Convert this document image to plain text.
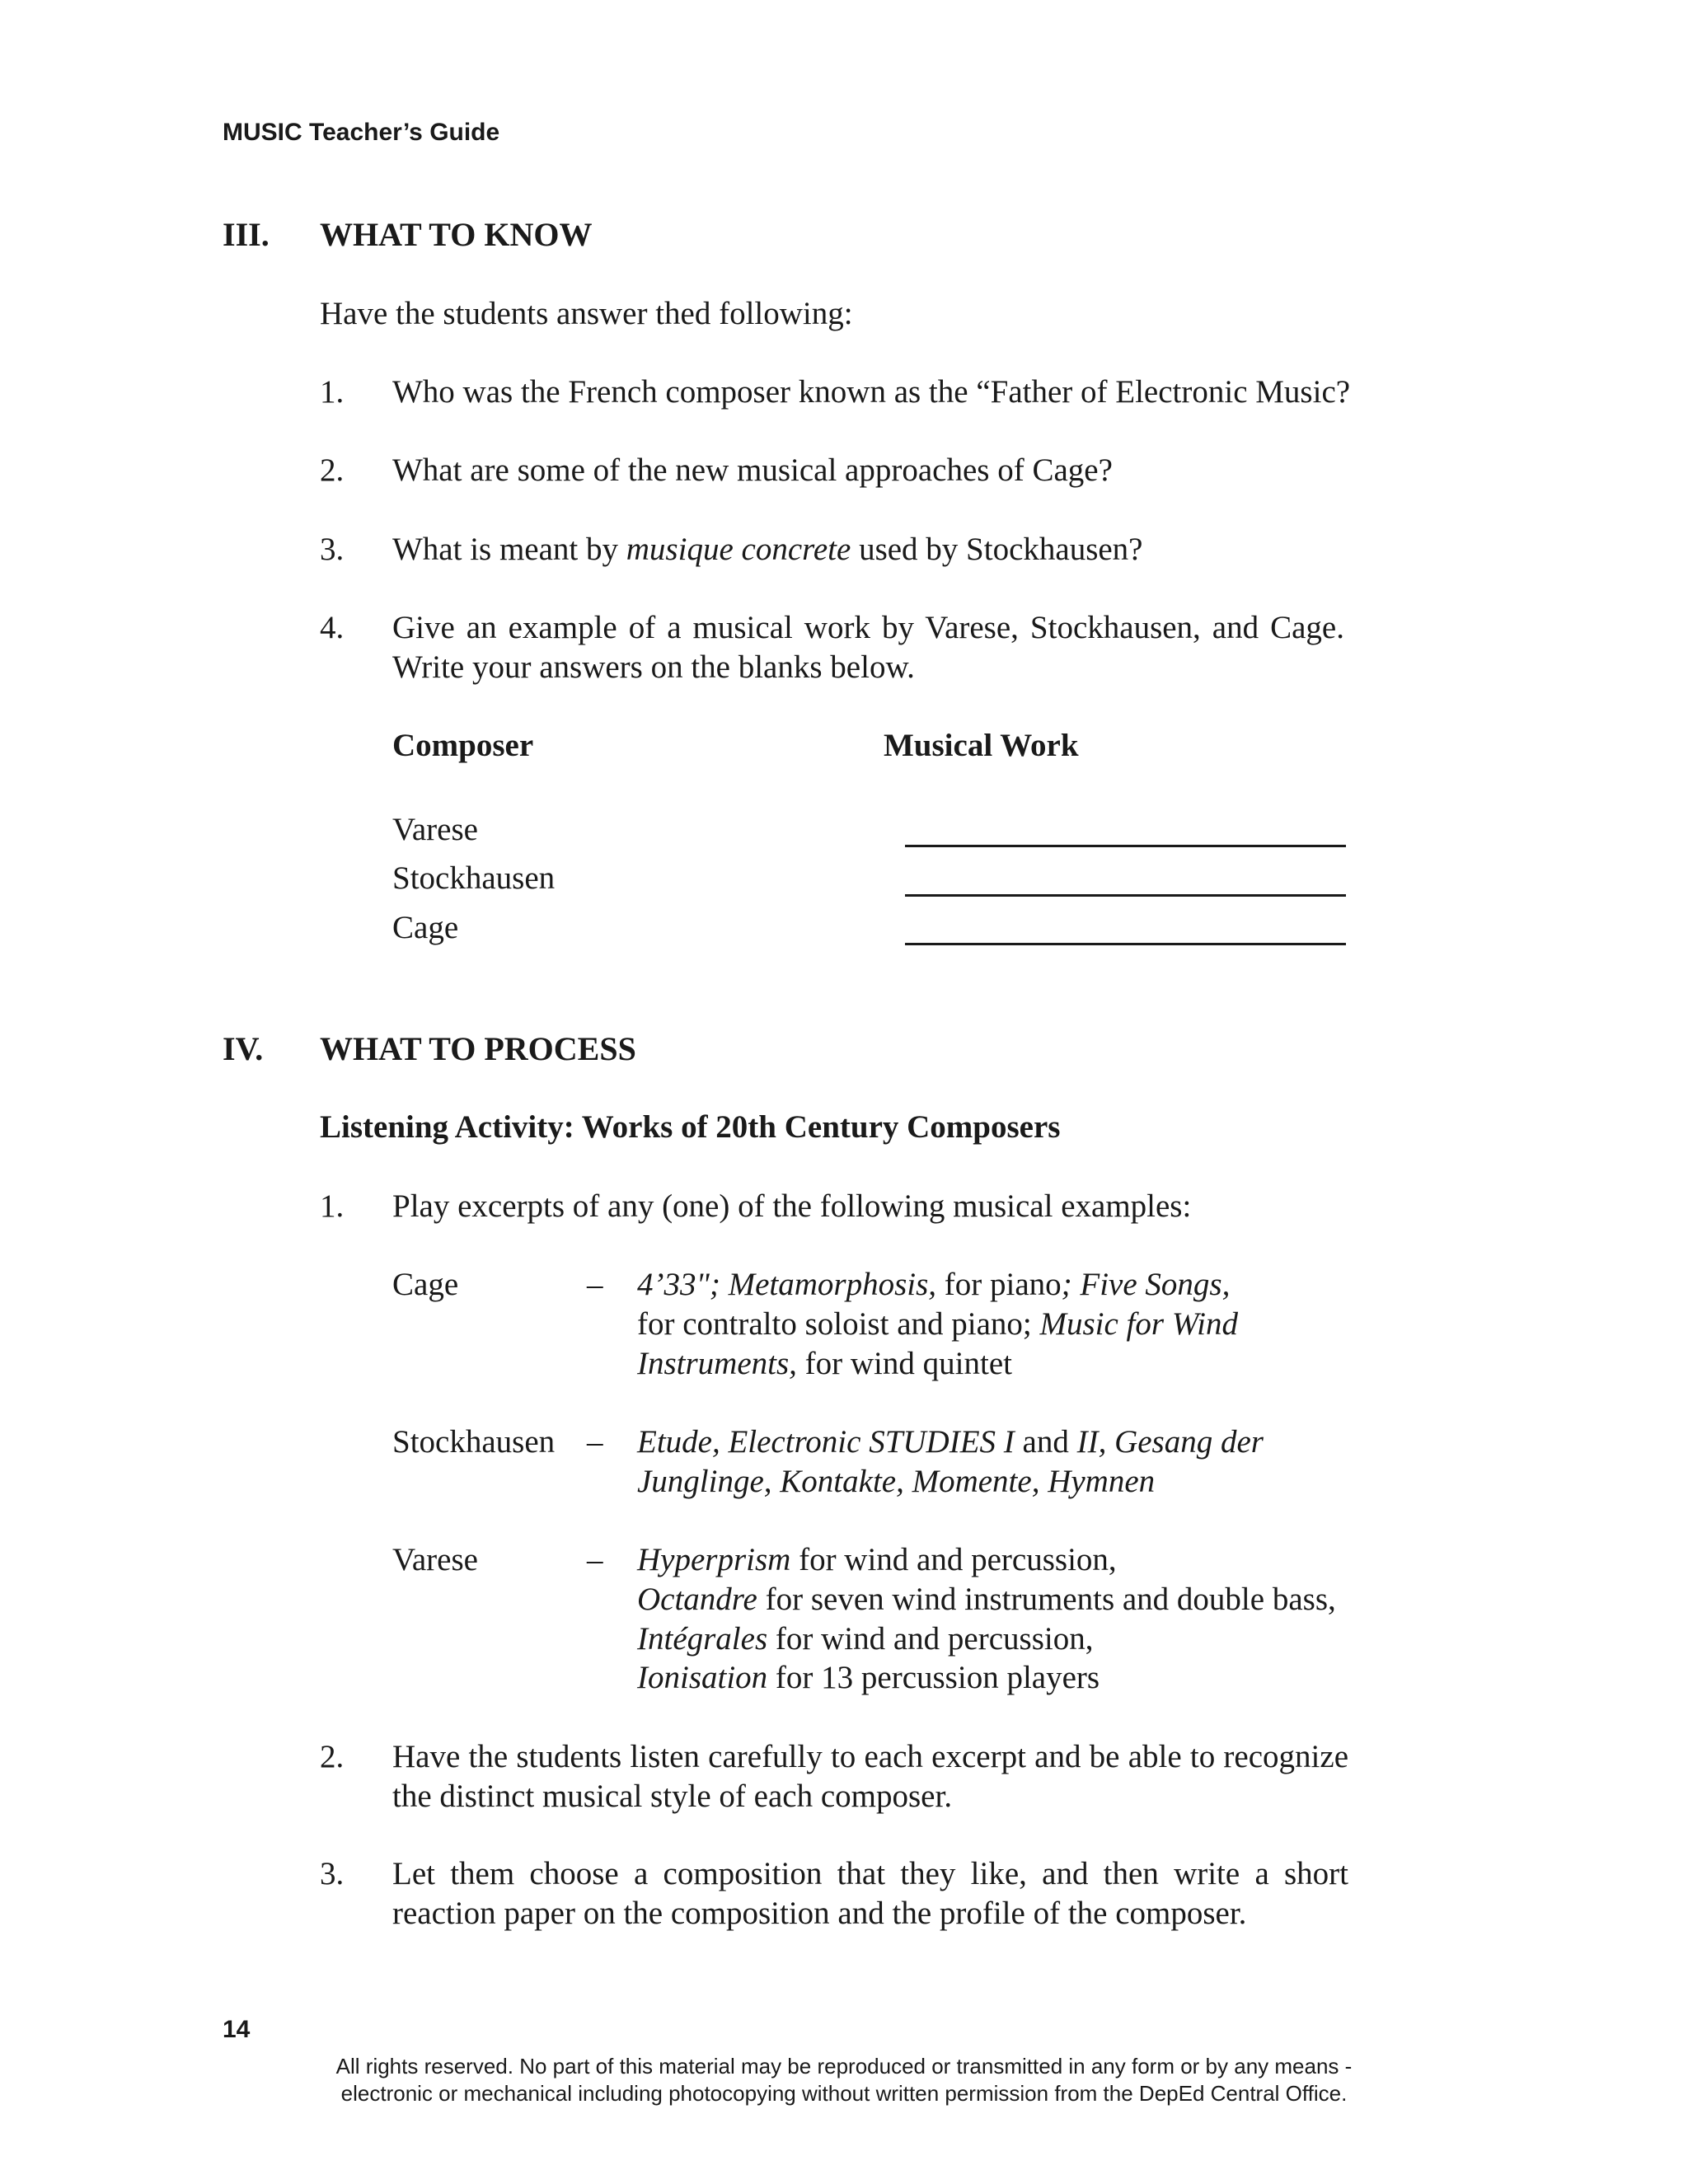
MUSIC Teacher’s Guide
III. WHAT TO KNOW
Have the students answer thed following:
1. Who was the French composer known as the “Father of Electronic Music?
2. What are some of the new musical approaches of Cage?
3. What is meant by musique concrete used by Stockhausen?
4. Give an example of a musical work by Varese, Stockhausen, and Cage. Write your answers on the blanks below.
Composer	Musical Work
Varese
Stockhausen
Cage
IV. WHAT TO PROCESS
Listening Activity: Works of 20th Century Composers
1. Play excerpts of any (one) of the following musical examples:
Cage	– 4’33"; Metamorphosis, for piano; Five Songs,
for contralto soloist and piano; Music for Wind
Instruments, for wind quintet
Stockhausen – Etude, Electronic STUDIES I and II, Gesang der
Junglinge, Kontakte, Momente, Hymnen
Varese	– Hyperprism for wind and percussion,
Octandre for seven wind instruments and double bass,
Intégrales for wind and percussion,
Ionisation for 13 percussion players
2. Have the students listen carefully to each excerpt and be able to recognize the distinct musical style of each composer.
3. Let them choose a composition that they like, and then write a short reaction paper on the composition and the profile of the composer.
14
All rights reserved. No part of this material may be reproduced or transmitted in any form or by any means -
electronic or mechanical including photocopying without written permission from the DepEd Central Office.
